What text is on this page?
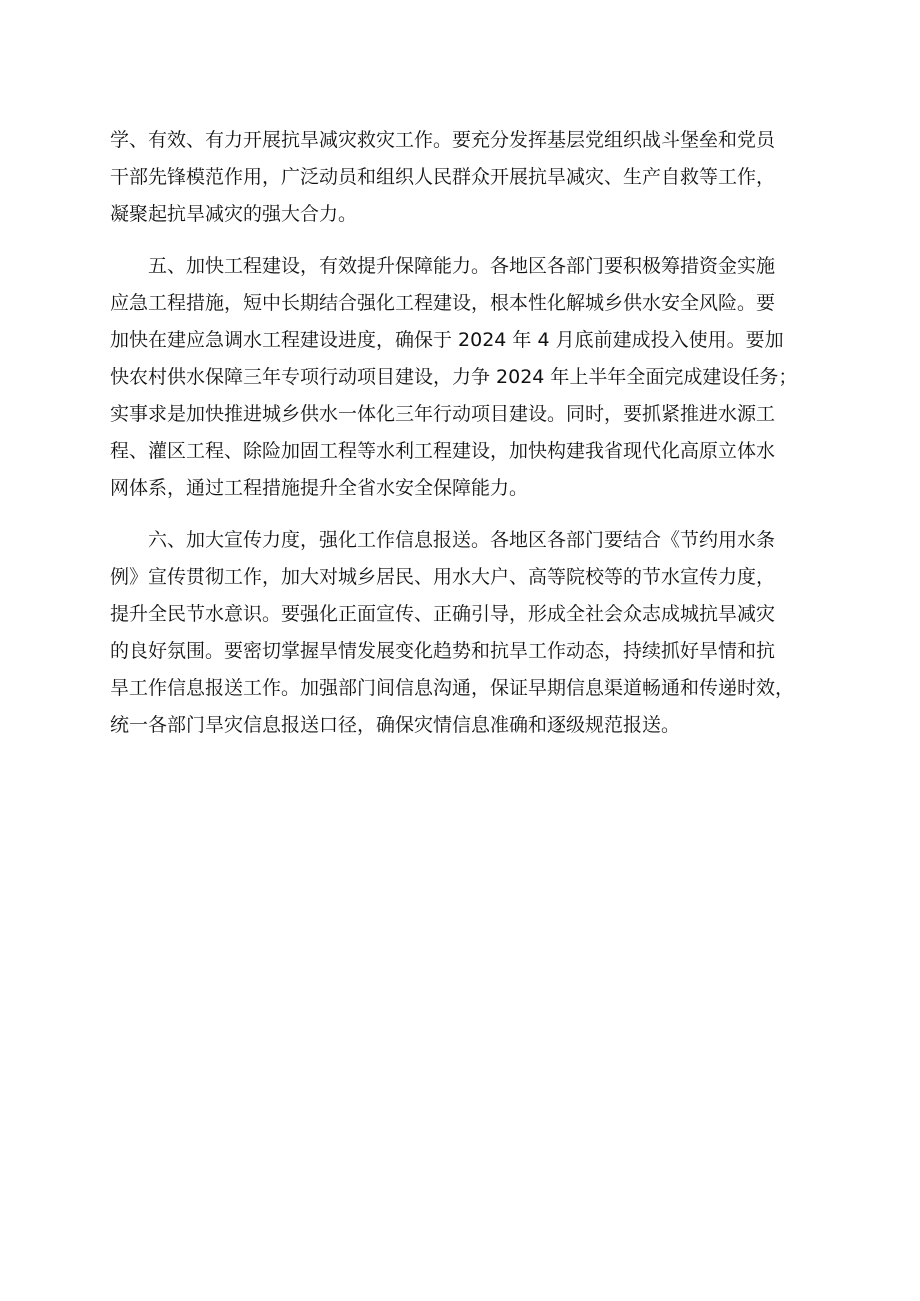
学、有效、有力开展抗旱减灾救灾工作。要充分发挥基层党组织战斗堡垒和党员
干部先锋模范作用，广泛动员和组织人民群众开展抗旱减灾、生产自救等工作，
凝聚起抗旱减灾的强大合力。

五、加快工程建设，有效提升保障能力。各地区各部门要积极筹措资金实施
应急工程措施，短中长期结合强化工程建设，根本性化解城乡供水安全风险。要
加快在建应急调水工程建设进度，确保于 2024 年 4 月底前建成投入使用。要加
快农村供水保障三年专项行动项目建设，力争 2024 年上半年全面完成建设任务；
实事求是加快推进城乡供水一体化三年行动项目建设。同时，要抓紧推进水源工
程、灌区工程、除险加固工程等水利工程建设，加快构建我省现代化高原立体水
网体系，通过工程措施提升全省水安全保障能力。

六、加大宣传力度，强化工作信息报送。各地区各部门要结合《节约用水条
例》宣传贯彻工作，加大对城乡居民、用水大户、高等院校等的节水宣传力度，
提升全民节水意识。要强化正面宣传、正确引导，形成全社会众志成城抗旱减灾
的良好氛围。要密切掌握旱情发展变化趋势和抗旱工作动态，持续抓好旱情和抗
旱工作信息报送工作。加强部门间信息沟通，保证早期信息渠道畅通和传递时效，
统一各部门旱灾信息报送口径，确保灾情信息准确和逐级规范报送。
